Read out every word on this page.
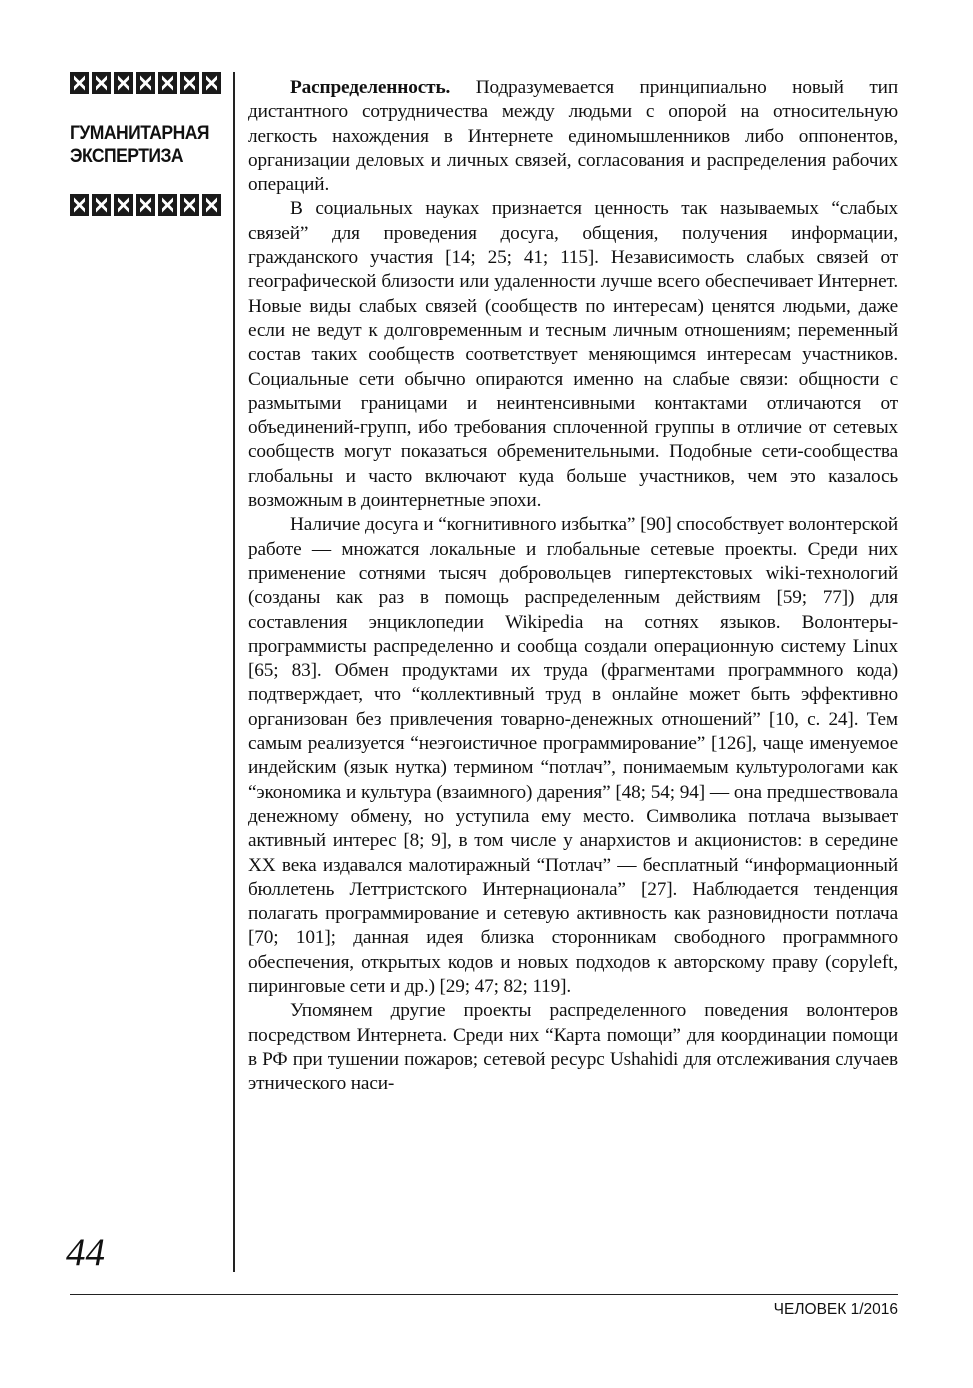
ГУМАНИТАРНАЯ ЭКСПЕРТИЗА
44

Распределенность. Подразумевается принципиально новый тип дистантного сотрудничества между людьми с опорой на относительную легкость нахождения в Интернете единомышленников либо оппонентов, организации деловых и личных связей, согласования и распределения рабочих операций.

В социальных науках признается ценность так называемых “слабых связей” для проведения досуга, общения, получения информации, гражданского участия [14; 25; 41; 115]. Независимость слабых связей от географической близости или удаленности лучше всего обеспечивает Интернет. Новые виды слабых связей (сообществ по интересам) ценятся людьми, даже если не ведут к долговременным и тесным личным отношениям; переменный состав таких сообществ соответствует меняющимся интересам участников. Социальные сети обычно опираются именно на слабые связи: общности с размытыми границами и неинтенсивными контактами отличаются от объединений-групп, ибо требования сплоченной группы в отличие от сетевых сообществ могут показаться обременительными. Подобные сети-сообщества глобальны и часто включают куда больше участников, чем это казалось возможным в доинтернетные эпохи.

Наличие досуга и “когнитивного избытка” [90] способствует волонтерской работе — множатся локальные и глобальные сетевые проекты. Среди них применение сотнями тысяч добровольцев гипертекстовых wiki-технологий (созданы как раз в помощь распределенным действиям [59; 77]) для составления энциклопедии Wikipedia на сотнях языков. Волонтеры-программисты распределенно и сообща создали операционную систему Linux [65; 83]. Обмен продуктами их труда (фрагментами программного кода) подтверждает, что “коллективный труд в онлайне может быть эффективно организован без привлечения товарно-денежных отношений” [10, с. 24]. Тем самым реализуется “неэгоистичное программирование” [126], чаще именуемое индейским (язык нутка) термином “потлач”, понимаемым культурологами как “экономика и культура (взаимного) дарения” [48; 54; 94] — она предшествовала денежному обмену, но уступила ему место. Символика потлача вызывает активный интерес [8; 9], в том числе у анархистов и акционистов: в середине XX века издавался малотиражный “Потлач” — бесплатный “информационный бюллетень Леттристского Интернационала” [27]. Наблюдается тенденция полагать программирование и сетевую активность как разновидности потлача [70; 101]; данная идея близка сторонникам свободного программного обеспечения, открытых кодов и новых подходов к авторскому праву (copyleft, пиринговые сети и др.) [29; 47; 82; 119].

Упомянем другие проекты распределенного поведения волонтеров посредством Интернета. Среди них “Карта помощи” для координации помощи в РФ при тушении пожаров; сетевой ресурс Ushahidi для отслеживания случаев этнического наси-

ЧЕЛОВЕК 1/2016
